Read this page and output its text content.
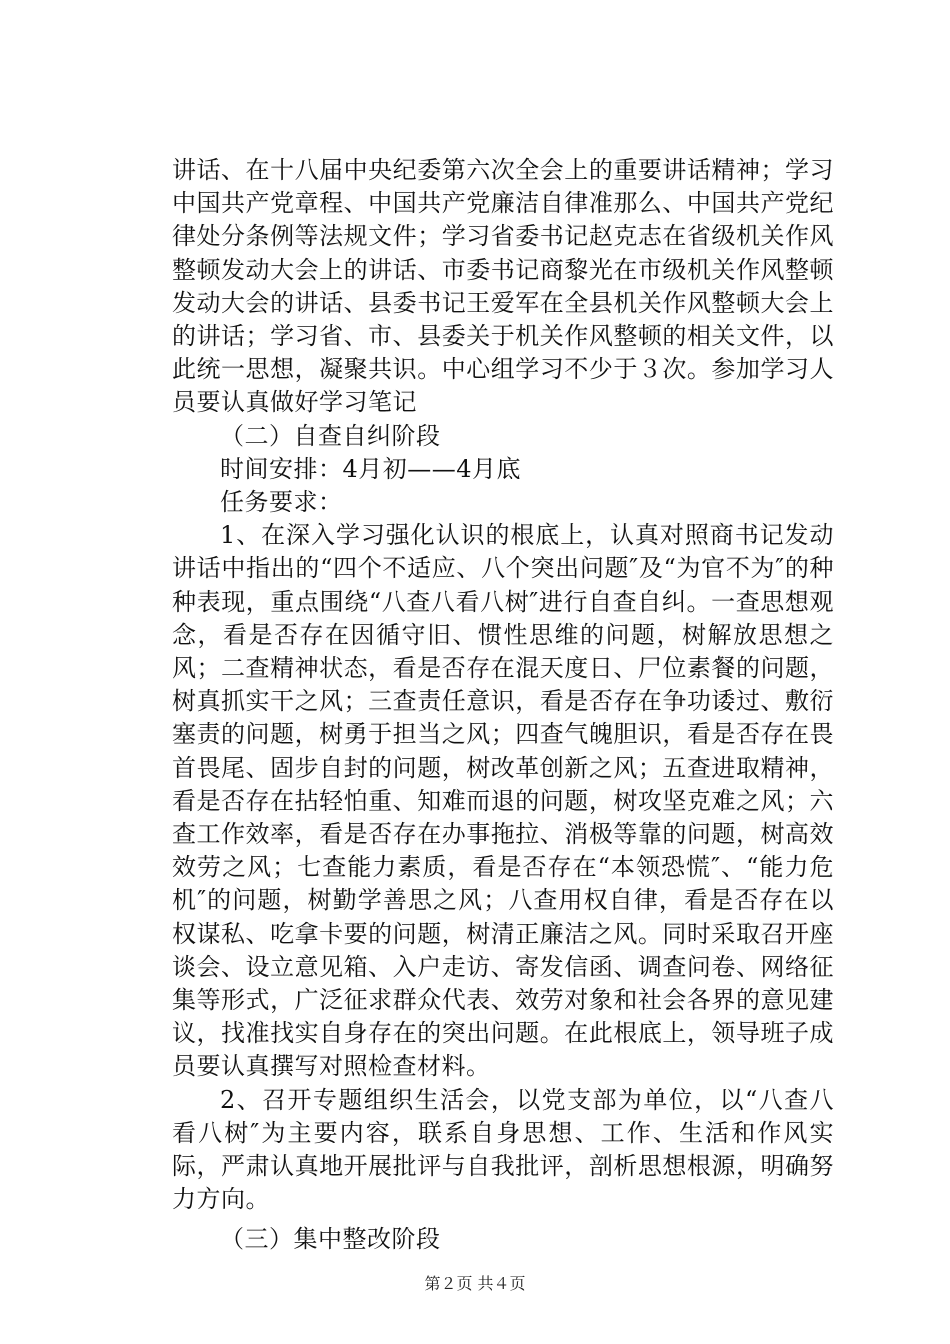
讲话、在十八届中央纪委第六次全会上的重要讲话精神；学习中国共产党章程、中国共产党廉洁自律准那么、中国共产党纪律处分条例等法规文件；学习省委书记赵克志在省级机关作风整顿发动大会上的讲话、市委书记商黎光在市级机关作风整顿发动大会的讲话、县委书记王爱军在全县机关作风整顿大会上的讲话；学习省、市、县委关于机关作风整顿的相关文件，以此统一思想，凝聚共识。中心组学习不少于３次。参加学习人员要认真做好学习笔记

（二）自查自纠阶段

时间安排：4月初——4月底

任务要求：

1、在深入学习强化认识的根底上，认真对照商书记发动讲话中指出的“四个不适应、八个突出问题″及“为官不为″的种种表现，重点围绕“八查八看八树″进行自查自纠。一查思想观念，看是否存在因循守旧、惯性思维的问题，树解放思想之风；二查精神状态，看是否存在混天度日、尸位素餐的问题，树真抓实干之风；三查责任意识，看是否存在争功诿过、敷衍塞责的问题，树勇于担当之风；四查气魄胆识，看是否存在畏首畏尾、固步自封的问题，树改革创新之风；五查进取精神，看是否存在拈轻怕重、知难而退的问题，树攻坚克难之风；六查工作效率，看是否存在办事拖拉、消极等靠的问题，树高效效劳之风；七查能力素质，看是否存在“本领恐慌″、“能力危机″的问题，树勤学善思之风；八查用权自律，看是否存在以权谋私、吃拿卡要的问题，树清正廉洁之风。同时采取召开座谈会、设立意见箱、入户走访、寄发信函、调查问卷、网络征集等形式，广泛征求群众代表、效劳对象和社会各界的意见建议，找准找实自身存在的突出问题。在此根底上，领导班子成员要认真撰写对照检查材料。

2、召开专题组织生活会，以党支部为单位，以“八查八看八树″为主要内容，联系自身思想、工作、生活和作风实际，严肃认真地开展批评与自我批评，剖析思想根源，明确努力方向。

（三）集中整改阶段

第２页 共４页
